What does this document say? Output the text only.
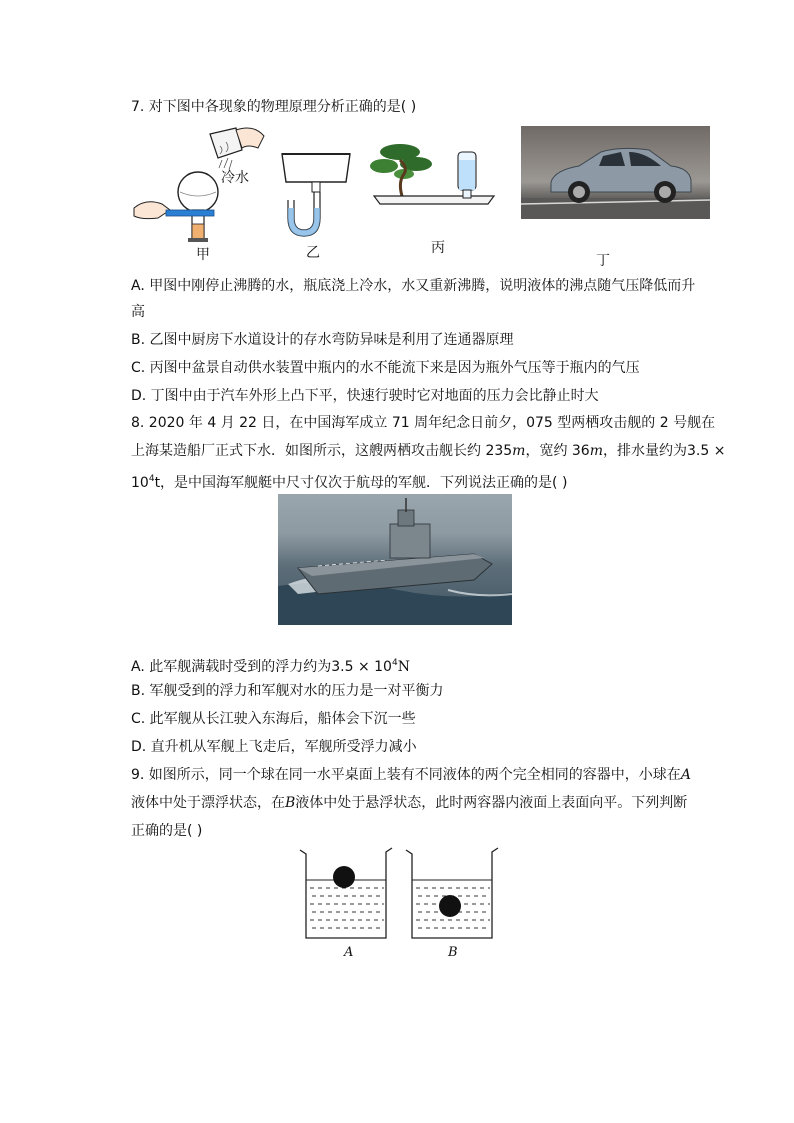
7. 对下图中各现象的物理原理分析正确的是( )
冷水
甲	乙	丙
丁
A. 甲图中刚停止沸腾的水，瓶底浇上冷水，水又重新沸腾，说明液体的沸点随气压降低而升
高
B. 乙图中厨房下水道设计的存水弯防异味是利用了连通器原理
C. 丙图中盆景自动供水装置中瓶内的水不能流下来是因为瓶外气压等于瓶内的气压
D. 丁图中由于汽车外形上凸下平，快速行驶时它对地面的压力会比静止时大
8. 2020 年 4 月 22 日，在中国海军成立 71 周年纪念日前夕，075 型两栖攻击舰的 2 号舰在
上海某造船厂正式下水．如图所示，这艘两栖攻击舰长约 235m，宽约 36m，排水量约为3.5 ×
$10^4t$，是中国海军舰艇中尺寸仅次于航母的军舰．下列说法正确的是( )
A. 此军舰满载时受到的浮力约为$3.5 \times 10^4N$
B. 军舰受到的浮力和军舰对水的压力是一对平衡力
C. 此军舰从长江驶入东海后，船体会下沉一些
D. 直升机从军舰上飞走后，军舰所受浮力减小
9. 如图所示，同一个球在同一水平桌面上装有不同液体的两个完全相同的容器中，小球在A
液体中处于漂浮状态，在B液体中处于悬浮状态，此时两容器内液面上表面向平。下列判断
正确的是( )
A	B
